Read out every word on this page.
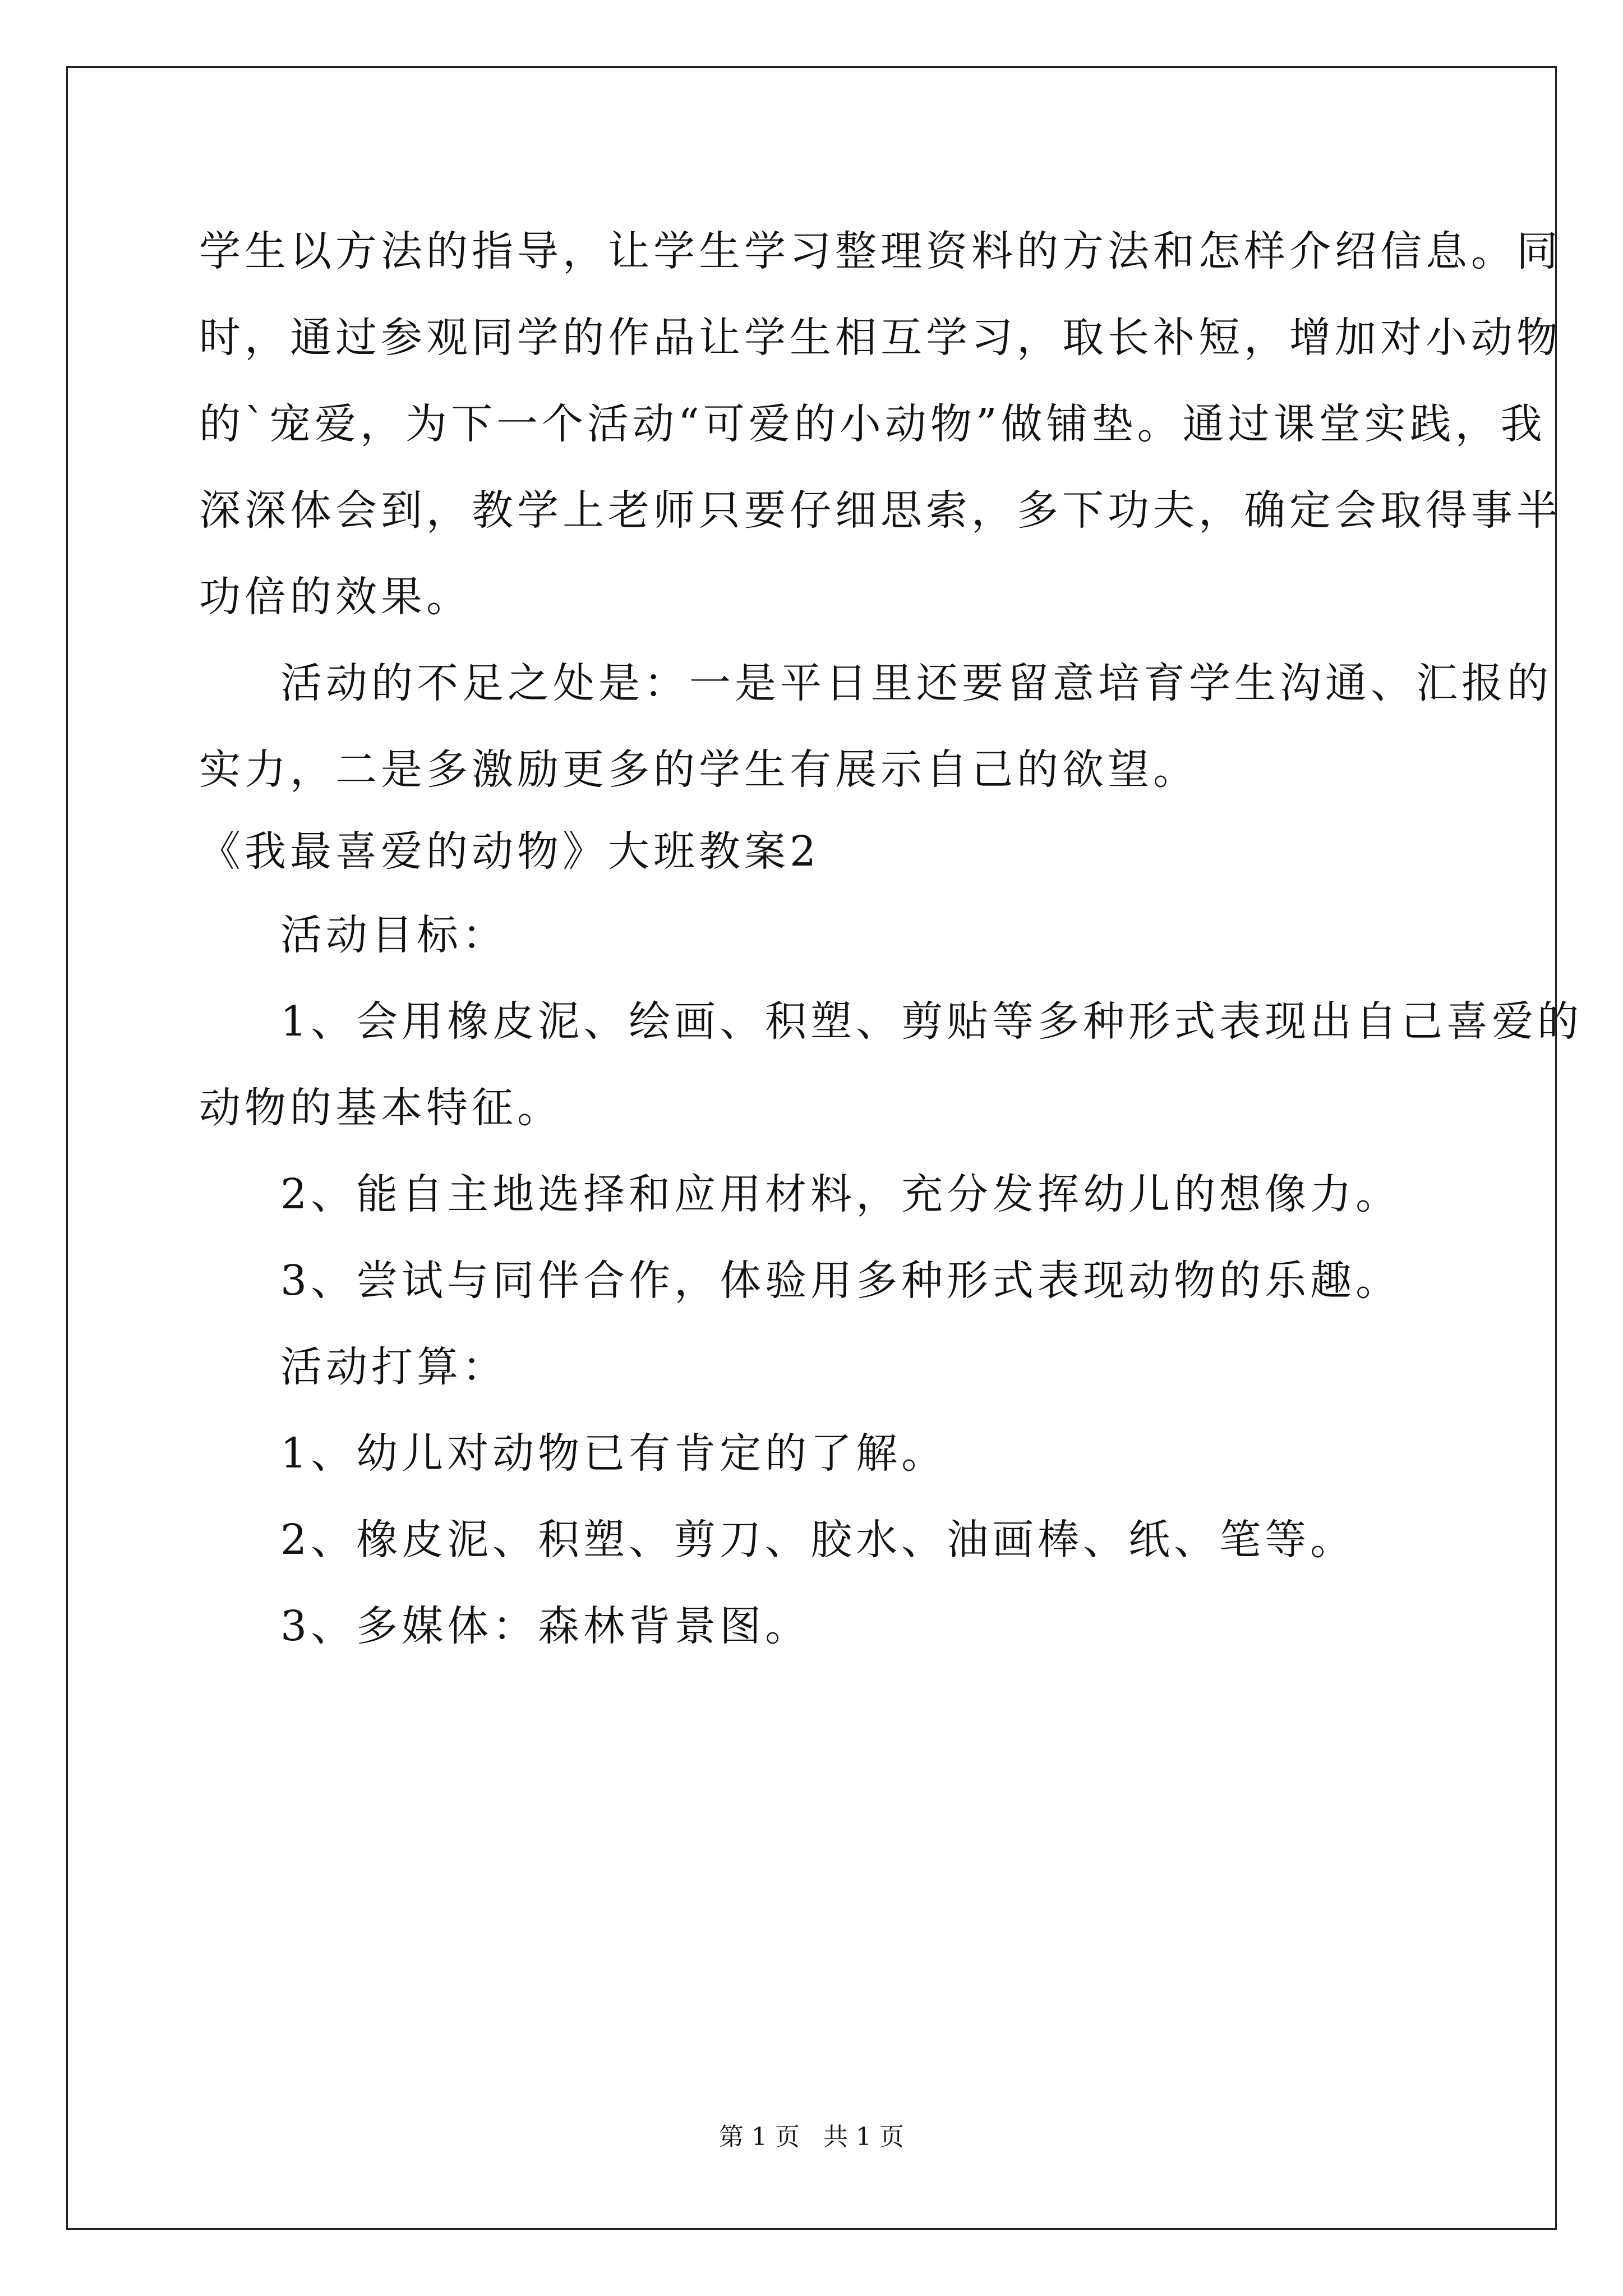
学生以方法的指导，让学生学习整理资料的方法和怎样介绍信息。同
时，通过参观同学的作品让学生相互学习，取长补短，增加对小动物
的`宠爱，为下一个活动“可爱的小动物”做铺垫。通过课堂实践，我
深深体会到，教学上老师只要仔细思索，多下功夫，确定会取得事半
功倍的效果。
活动的不足之处是：一是平日里还要留意培育学生沟通、汇报的
实力，二是多激励更多的学生有展示自己的欲望。
《我最喜爱的动物》大班教案2
活动目标：
1、会用橡皮泥、绘画、积塑、剪贴等多种形式表现出自己喜爱的
动物的基本特征。
2、能自主地选择和应用材料，充分发挥幼儿的想像力。
3、尝试与同伴合作，体验用多种形式表现动物的乐趣。
活动打算：
1、幼儿对动物已有肯定的了解。
2、橡皮泥、积塑、剪刀、胶水、油画棒、纸、笔等。
3、多媒体：森林背景图。
第 1 页   共 1 页
